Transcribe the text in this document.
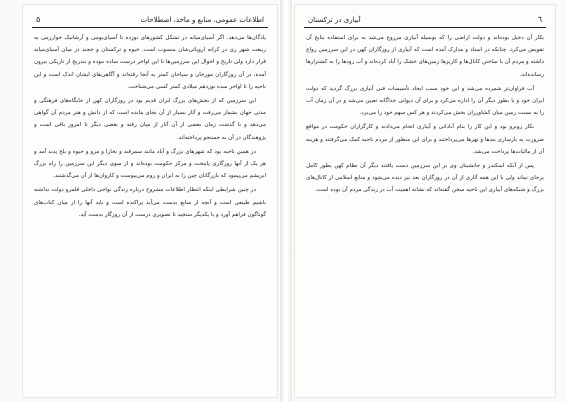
اطلاعات عمومی، منابع و ماخذ، اصطلاحات
٥

پادگان‌ها می‌دهد. اگر آسیای‌میانه در تشکل کشورهای نوزده تا آسیای‌بومی و آرشانیک خوارزمی به ربیعت شهر ری در کرانه اروپائی‌شان منسوب است. خیوه و ترکستان و خجند در میان آسیای‌میانه قرار دارد ولی تاریخ و احوال این سرزمین‌ها تا این اواخر درست ساده نبوده و بتدریج از تاریکی بیرون آمده، در آن روزگاران مورخان و سیاحان کمتر به آنجا رفته‌اند و آگاهی‌های ایشان اندک است و این ناحیه را تا اواخر سده نوزدهم میلادی کمتر کسی می‌شناخت.

این سرزمین که از بخش‌های بزرگ ایران قدیم بود در روزگاران کهن از جایگاه‌های فرهنگی و مدنی جهان بشمار می‌رفت و آثار بسیار از آن بجای مانده است که از دانش و هنر مردم آن گواهی می‌دهد و با گذشت زمان بعضی از آن آثار از میان رفته و بعضی دیگر تا امروز باقی است و پژوهندگان در آن به جستجو پرداخته‌اند.

در همین ناحیه بود که شهرهای بزرگ و آباد مانند سمرقند و بخارا و مرو و خیوه و بلخ پدید آمد و هر یک از آنها روزگاری پایتخت و مرکز حکومت بوده‌اند و از سوی دیگر این سرزمین را راه بزرگ ابریشم می‌پیمود که بازرگانان چین را به ایران و روم می‌پیوست و کاروان‌ها از آن می‌گذشتند.

در چنین شرایطی اینکه انتظار اطلاعات مشروح درباره زندگی نواحی داخلی قلمرو دولت نداشته باشیم طبیعی است و آنچه از منابع بدست می‌آید پراکنده است و باید آنها را از میان کتاب‌های گوناگون فراهم آورد و با یکدیگر سنجید تا تصویری درست از آن روزگار بدست آید.

آبیاری در ترکستان	٦

بکار آن دخیل بوده‌اند و دولت اراضی را که بوسیله آبیاری مزروع می‌شد به برای استفاده بتایج آن تفویض می‌کرد. چنانکه در اسناد و مدارک آمده است که آبیاری از روزگاران کهن در این سرزمین رواج داشته و مردم آن با ساختن کانال‌ها و کاریزها زمین‌های خشک را آباد کرده‌اند و آب رودها را به کشتزارها رسانده‌اند.

آب فراوان‌تر شمرده می‌شد و این خود سبب ایجاد تأسیسات فنی آبیاری بزرگ گردید که دولت ایران خود و یا بطور دیگر آن را اداره می‌کرد و برای آن دیوانی جداگانه تعیین می‌شد و در آن زمان آب را به نسبت زمین میان کشاورزان بخش می‌کردند و هر کس سهم خود را می‌برد.

بکار روبرو بود و این کار را بنام آبادانی و آبیاری انجام می‌دادند و کارگزاران حکومت در مواقع ضرورت به بازسازی بندها و نهرها می‌پرداختند و برای این منظور از مردم ناحیه کمک می‌گرفتند و هزینه آن از مالیات‌ها پرداخت می‌شد.

پس از آنکه اسکندر و جانشینان وی بر این سرزمین دست یافتند دیگر آن نظام کهن بطور کامل برجای نماند ولی با این همه آثاری از آن در روزگاران بعد نیز دیده می‌شود و منابع اسلامی از کانال‌های بزرگ و شبکه‌های آبیاری این ناحیه سخن گفته‌اند که نشانه اهمیت آب در زندگی مردم آن بوده است.
